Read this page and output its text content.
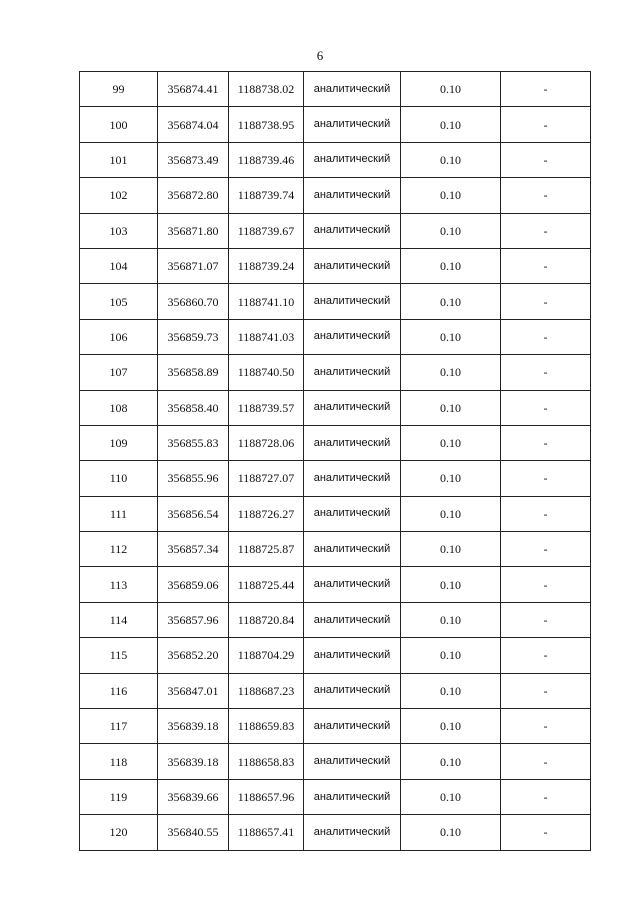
6
99	356874.41	1188738.02	аналитический	0.10	-
100	356874.04	1188738.95	аналитический	0.10	-
101	356873.49	1188739.46	аналитический	0.10	-
102	356872.80	1188739.74	аналитический	0.10	-
103	356871.80	1188739.67	аналитический	0.10	-
104	356871.07	1188739.24	аналитический	0.10	-
105	356860.70	1188741.10	аналитический	0.10	-
106	356859.73	1188741.03	аналитический	0.10	-
107	356858.89	1188740.50	аналитический	0.10	-
108	356858.40	1188739.57	аналитический	0.10	-
109	356855.83	1188728.06	аналитический	0.10	-
110	356855.96	1188727.07	аналитический	0.10	-
111	356856.54	1188726.27	аналитический	0.10	-
112	356857.34	1188725.87	аналитический	0.10	-
113	356859.06	1188725.44	аналитический	0.10	-
114	356857.96	1188720.84	аналитический	0.10	-
115	356852.20	1188704.29	аналитический	0.10	-
116	356847.01	1188687.23	аналитический	0.10	-
117	356839.18	1188659.83	аналитический	0.10	-
118	356839.18	1188658.83	аналитический	0.10	-
119	356839.66	1188657.96	аналитический	0.10	-
120	356840.55	1188657.41	аналитический	0.10	-
